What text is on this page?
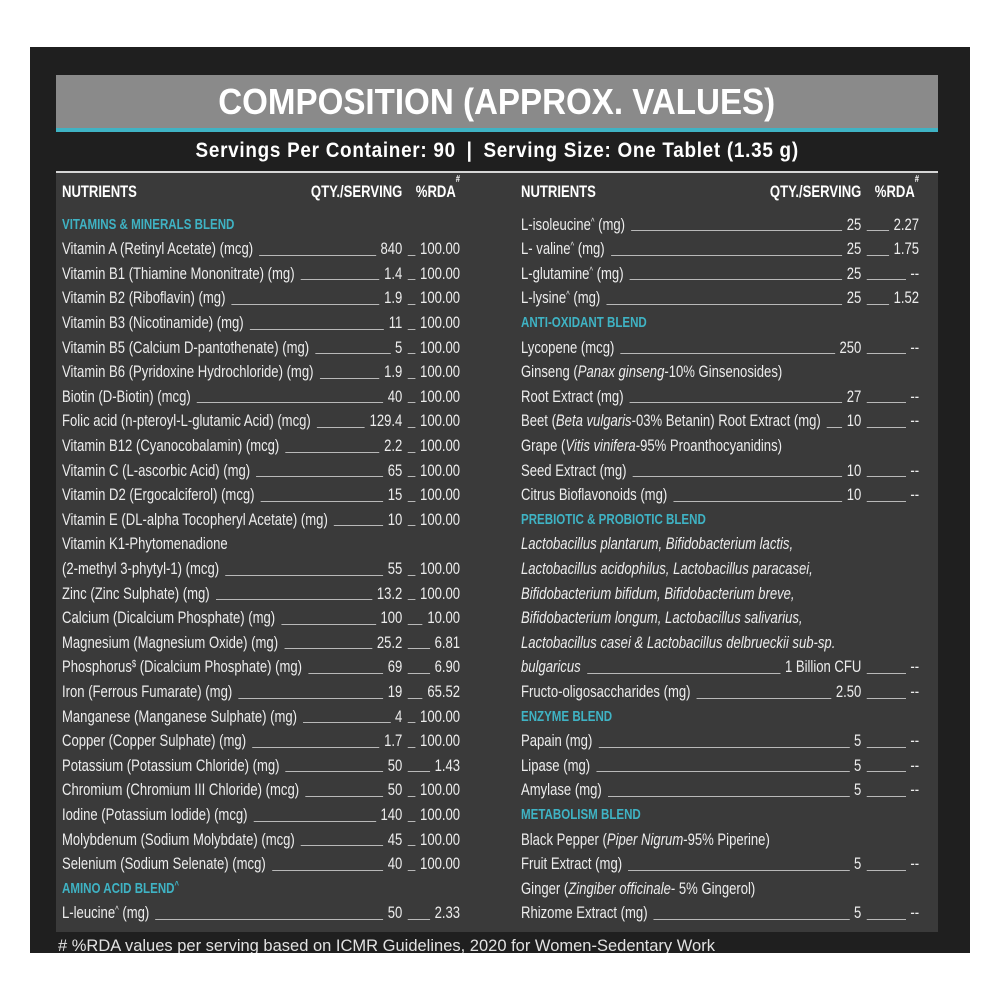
COMPOSITION (APPROX. VALUES)
Servings Per Container: 90 | Serving Size: One Tablet (1.35 g)
NUTRIENTS	QTY./SERVING %RDA
#
VITAMINS & MINERALS BLEND
Vitamin A (Retinyl Acetate) (mcg)	840 100.00
Vitamin B1 (Thiamine Mononitrate) (mg)	1.4 100.00
Vitamin B2 (Riboflavin) (mg)	1.9 100.00
Vitamin B3 (Nicotinamide) (mg)	11 100.00
Vitamin B5 (Calcium D-pantothenate) (mg)	5 100.00
Vitamin B6 (Pyridoxine Hydrochloride) (mg)	1.9 100.00
Biotin (D-Biotin) (mcg)	40 100.00
Folic acid (n-pteroyl-L-glutamic Acid) (mcg)	129.4 100.00
Vitamin B12 (Cyanocobalamin) (mcg)	2.2 100.00
Vitamin C (L-ascorbic Acid) (mg)	65 100.00
Vitamin D2 (Ergocalciferol) (mcg)	15 100.00
Vitamin E (DL-alpha Tocopheryl Acetate) (mg)	10 100.00
Vitamin K1-Phytomenadione
(2-methyl 3-phytyl-1) (mcg)	55 100.00
Zinc (Zinc Sulphate) (mg)	13.2 100.00
Calcium (Dicalcium Phosphate) (mg)	100 10.00
Magnesium (Magnesium Oxide) (mg)	25.2 6.81
Phosphorus$ (Dicalcium Phosphate) (mg)	69 6.90
Iron (Ferrous Fumarate) (mg)	19 65.52
Manganese (Manganese Sulphate) (mg)	4 100.00
Copper (Copper Sulphate) (mg)	1.7 100.00
Potassium (Potassium Chloride) (mg)	50 1.43
Chromium (Chromium III Chloride) (mcg)	50 100.00
Iodine (Potassium Iodide) (mcg)	140 100.00
Molybdenum (Sodium Molybdate) (mcg)	45 100.00
Selenium (Sodium Selenate) (mcg)	40 100.00
AMINO ACID BLEND^
L-leucine^ (mg)	50 2.33
NUTRIENTS	QTY./SERVING %RDA
#
L-isoleucine^ (mg)	25 2.27
L- valine^ (mg)	25 1.75
L-glutamine^ (mg)	25	--
L-lysine^ (mg)	25 1.52
ANTI-OXIDANT BLEND
Lycopene (mcg)	250	--
Ginseng (Panax ginseng-10% Ginsenosides)
Root Extract (mg)	27	--
Beet (Beta vulgaris-03% Betanin) Root Extract (mg) 10	--
Grape (Vitis vinifera-95% Proanthocyanidins)
Seed Extract (mg)	10	--
Citrus Bioflavonoids (mg)	10	--
PREBIOTIC & PROBIOTIC BLEND
Lactobacillus plantarum, Bifidobacterium lactis,
Lactobacillus acidophilus, Lactobacillus paracasei,
Bifidobacterium bifidum, Bifidobacterium breve,
Bifidobacterium longum, Lactobacillus salivarius,
Lactobacillus casei & Lactobacillus delbrueckii sub-sp.
bulgaricus	1 Billion CFU	--
Fructo-oligosaccharides (mg)	2.50	--
ENZYME BLEND
Papain (mg)	5	--
Lipase (mg)	5	--
Amylase (mg)	5	--
METABOLISM BLEND
Black Pepper (Piper Nigrum-95% Piperine)
Fruit Extract (mg)	5	--
Ginger (Zingiber officinale- 5% Gingerol)
Rhizome Extract (mg)	5	--
# %RDA values per serving based on ICMR Guidelines, 2020 for Women-Sedentary Work
